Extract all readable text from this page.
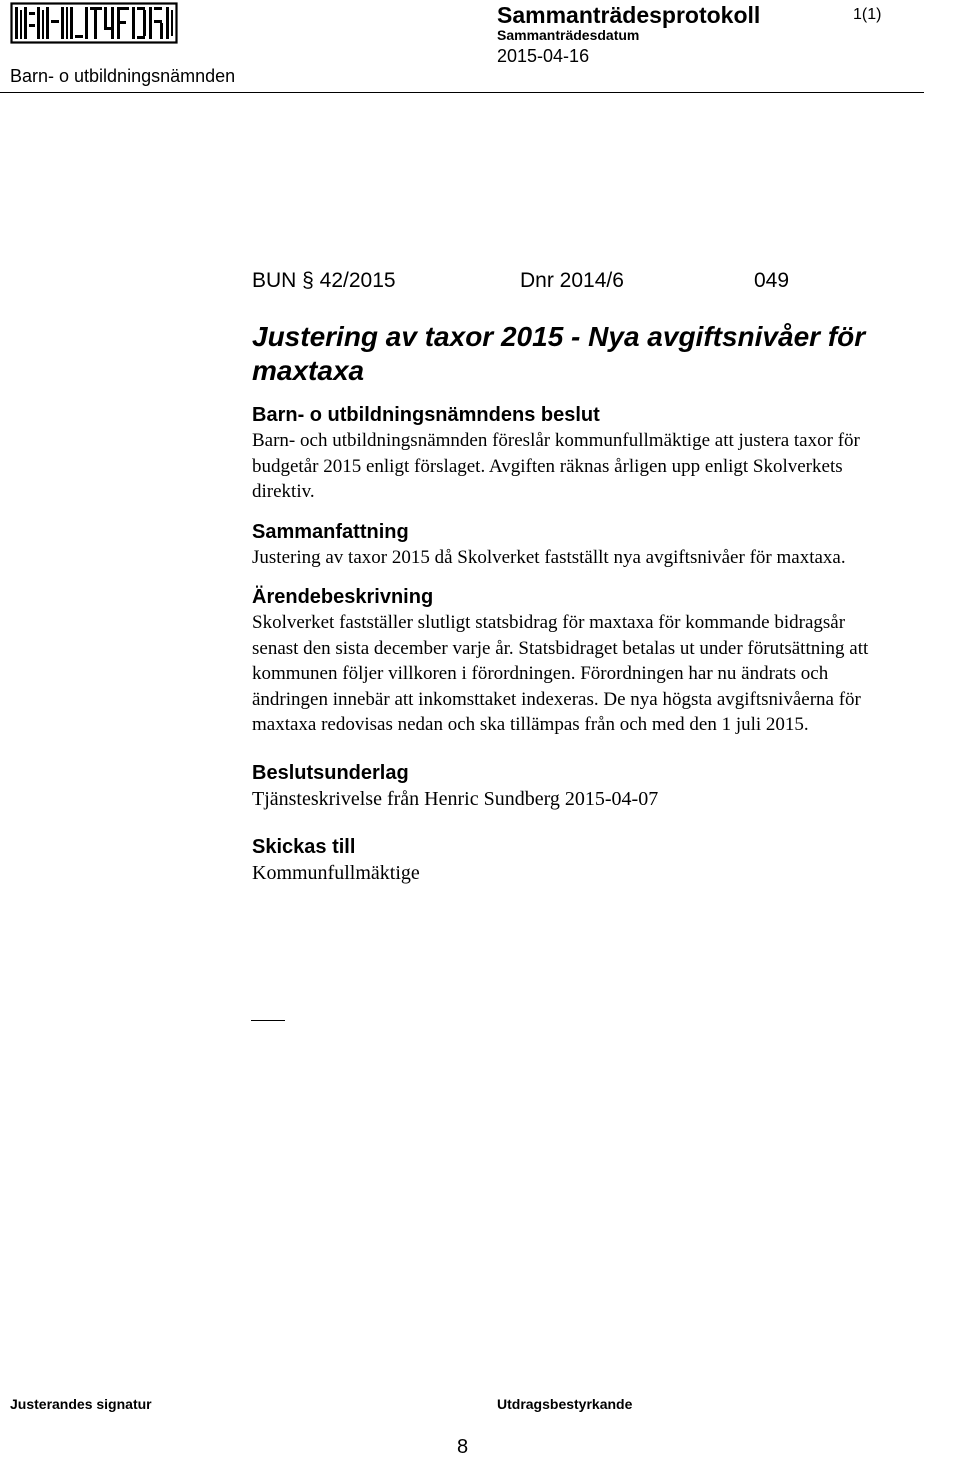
Barn- o utbildningsnämnden
Sammanträdesprotokoll
Sammanträdesdatum
2015-04-16
1(1)
BUN § 42/2015	Dnr 2014/6	049
Justering av taxor 2015 - Nya avgiftsnivåer för maxtaxa
Barn- o utbildningsnämndens beslut

Barn- och utbildningsnämnden föreslår kommunfullmäktige att justera taxor för budgetår 2015 enligt förslaget. Avgiften räknas årligen upp enligt Skolverkets direktiv.

Sammanfattning

Justering av taxor 2015 då Skolverket fastställt nya avgiftsnivåer för maxtaxa.

Ärendebeskrivning

Skolverket fastställer slutligt statsbidrag för maxtaxa för kommande bidragsår senast den sista december varje år. Statsbidraget betalas ut under förutsättning att kommunen följer villkoren i förordningen. Förordningen har nu ändrats och ändringen innebär att inkomsttaket indexeras. De nya högsta avgiftsnivåerna för maxtaxa redovisas nedan och ska tillämpas från och med den 1 juli 2015.

Beslutsunderlag

Tjänsteskrivelse från Henric Sundberg 2015-04-07

Skickas till

Kommunfullmäktige

Justerandes signatur	Utdragsbestyrkande
8
